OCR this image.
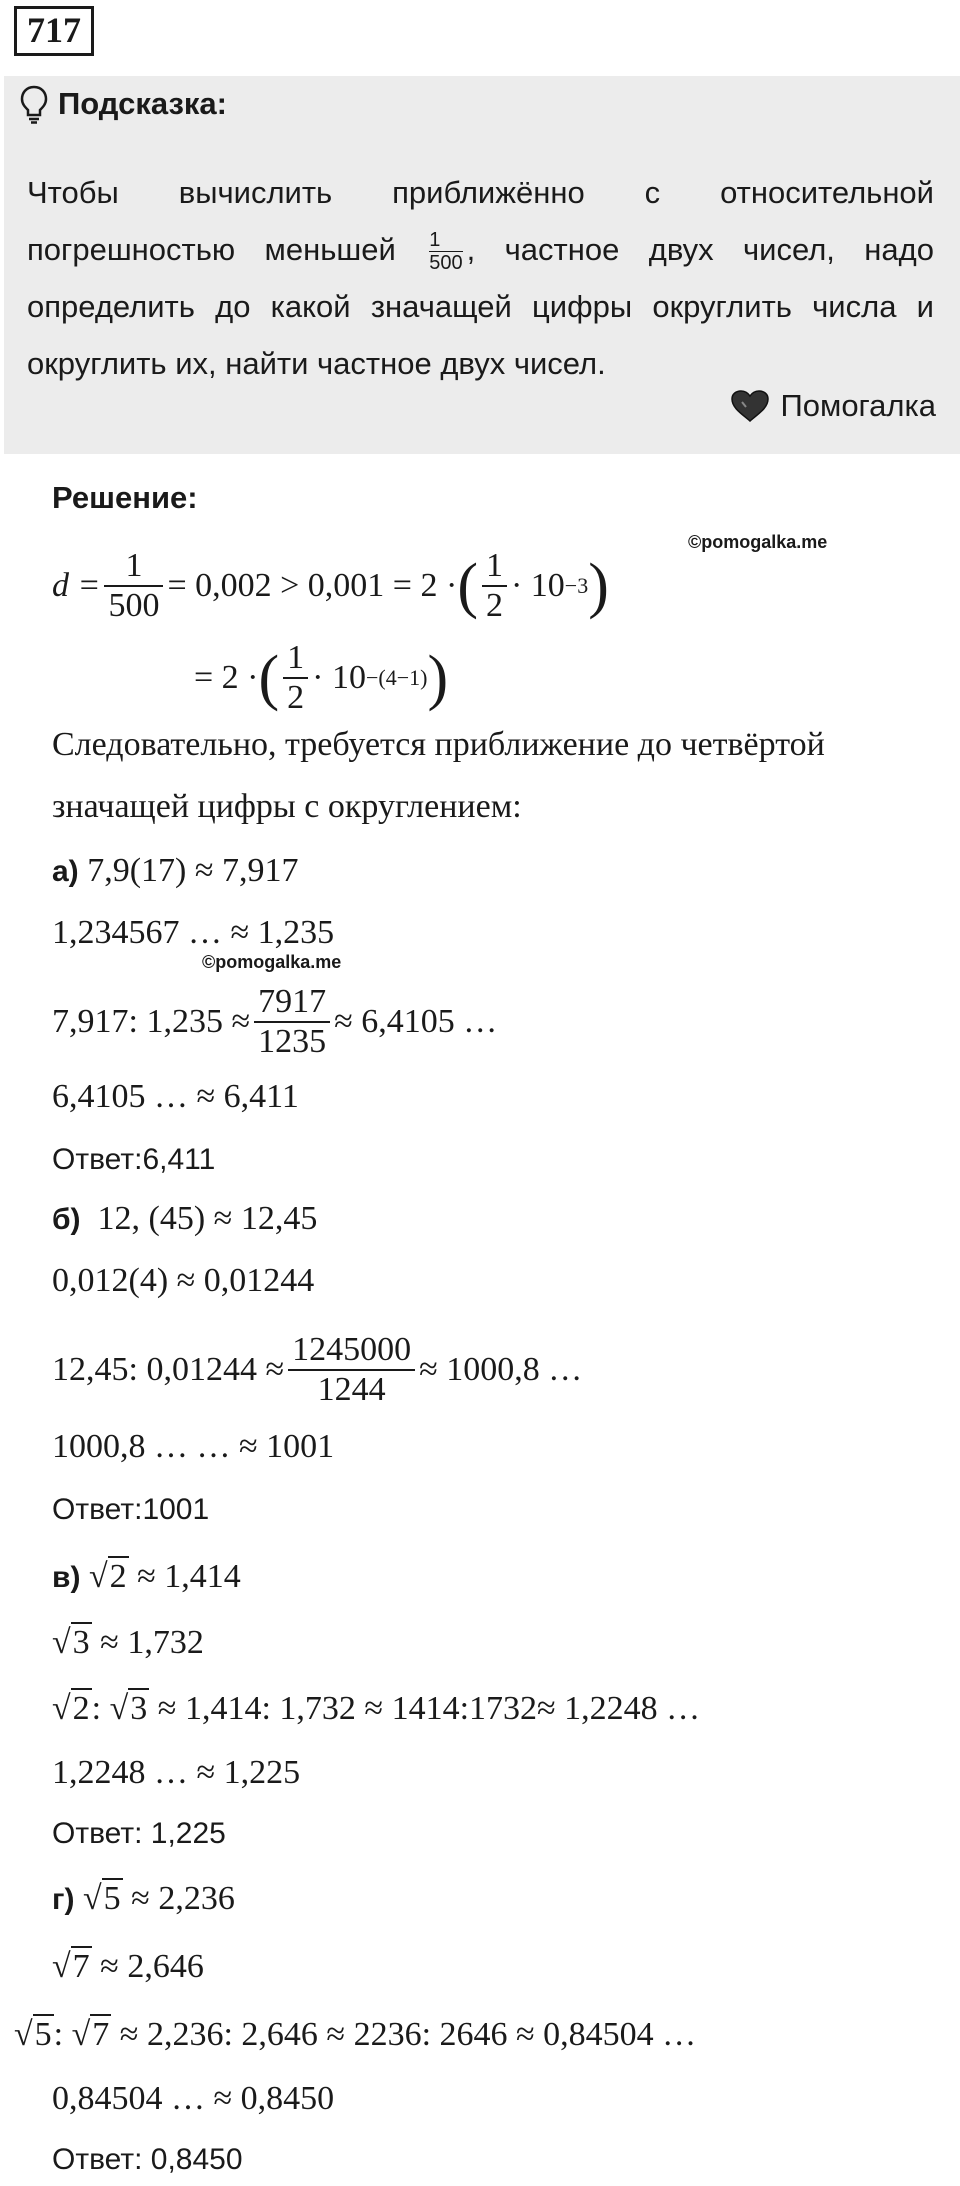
717
Подсказка:
Чтобы вычислить приближённо с относительной
погрешностью меньшей $\frac{1}{500}$ , частное двух чисел, надо
определить до какой значащей цифры округлить числа и
округлить их, найти частное двух чисел.
Помогалка
Решение:
©pomogalka.me
$d = \frac{1}{500} = 0,002 > 0,001 = 2$ · ( $\frac{1}{2} \cdot 10 -3$ )
= 2 · ( $\frac{1}{2} \cdot 10 -(4-1)$ )
Следовательно, требуется приближение до четвёртой
значащей цифры с округлением:
а) 7,9(17) ≈ 7,917
1,234567 … ≈ 1,235
©pomogalka.me
7,917: $1,235 \approx \frac{7917}{1235} \approx 6,4105$ …
6,4105 … ≈ 6,411
Ответ:6,411
б) 12, (45) ≈ 12,45
0,012(4) ≈ 0,01244
12,45: $0,01244 \approx \frac{1245000}{1244} \approx 1000,8$ …
1000,8 … … ≈ 1001
Ответ:1001
в) √2 ≈ 1,414
√3 ≈ 1,732
√2: √3 ≈ 1,414: 1,732 ≈ 1414:1732≈ 1,2248 …
1,2248 … ≈ 1,225
Ответ: 1,225
г) √5 ≈ 2,236
√7 ≈ 2,646
√5: √7 ≈ 2,236: 2,646 ≈ 2236: 2646 ≈ 0,84504 …
0,84504 … ≈ 0,8450
Ответ: 0,8450
